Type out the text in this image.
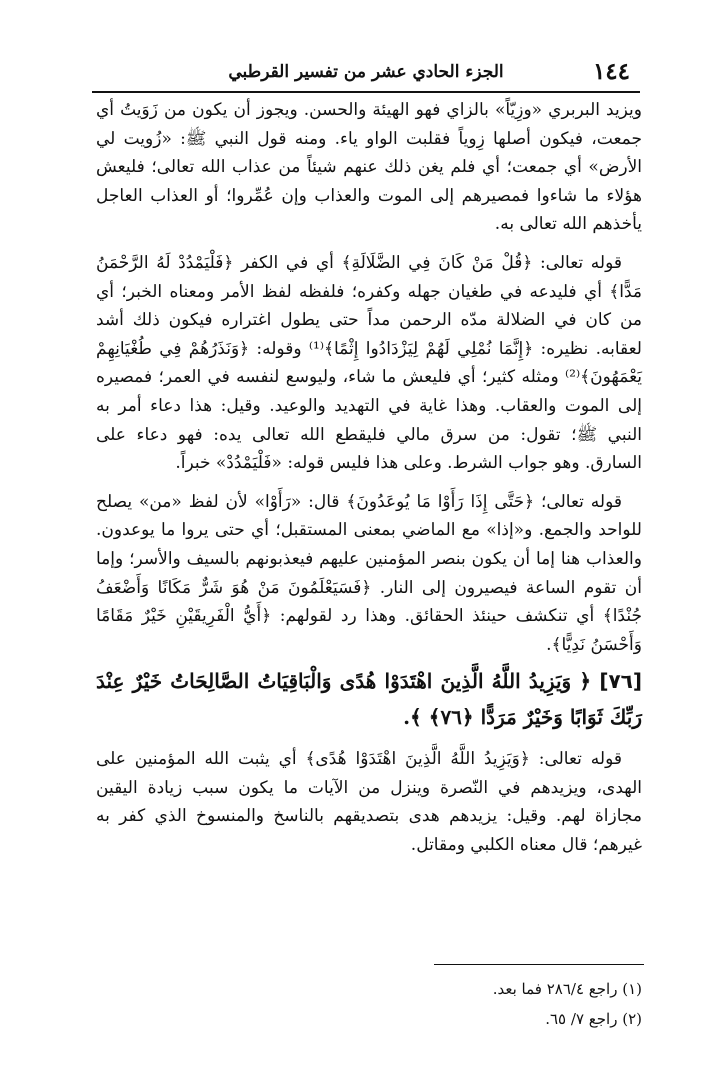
١٤٤
الجزء الحادي عشر من تفسير القرطبي

ويزيد البربري «وزِيّاً» بالزاي فهو الهيئة والحسن. ويجوز أن يكون من زَوَيتُ أي جمعت، فيكون أصلها زِوياً فقلبت الواو ياء. ومنه قول النبي ﷺ: «زُويت لي الأرض» أي جمعت؛ أي فلم يغن ذلك عنهم شيئاً من عذاب الله تعالى؛ فليعش هؤلاء ما شاءوا فمصيرهم إلى الموت والعذاب وإن عُمِّروا؛ أو العذاب العاجل يأخذهم الله تعالى به.

قوله تعالى: ﴿قُلْ مَنْ كَانَ فِي الضَّلَالَةِ﴾ أي في الكفر ﴿فَلْيَمْدُدْ لَهُ الرَّحْمَنُ مَدًّا﴾ أي فليدعه في طغيان جهله وكفره؛ فلفظه لفظ الأمر ومعناه الخبر؛ أي من كان في الضلالة مدّه الرحمن مداً حتى يطول اغتراره فيكون ذلك أشد لعقابه. نظيره: ﴿إِنَّمَا نُمْلِي لَهُمْ لِيَزْدَادُوا إِثْمًا﴾⁽¹⁾ وقوله: ﴿وَنَذَرُهُمْ فِي طُغْيَانِهِمْ يَعْمَهُونَ﴾⁽²⁾ ومثله كثير؛ أي فليعش ما شاء، وليوسع لنفسه في العمر؛ فمصيره إلى الموت والعقاب. وهذا غاية في التهديد والوعيد. وقيل: هذا دعاء أمر به النبي ﷺ؛ تقول: من سرق مالي فليقطع الله تعالى يده: فهو دعاء على السارق. وهو جواب الشرط. وعلى هذا فليس قوله: «فَلْيَمْدُدْ» خبراً.

قوله تعالى؛ ﴿حَتَّى إِذَا رَأَوْا مَا يُوعَدُونَ﴾ قال: «رَأَوْا» لأن لفظ «من» يصلح للواحد والجمع. و«إذا» مع الماضي بمعنى المستقبل؛ أي حتى يروا ما يوعدون. والعذاب هنا إما أن يكون بنصر المؤمنين عليهم فيعذبونهم بالسيف والأسر؛ وإما أن تقوم الساعة فيصيرون إلى النار. ﴿فَسَيَعْلَمُونَ مَنْ هُوَ شَرٌّ مَكَانًا وَأَضْعَفُ جُنْدًا﴾ أي تنكشف حينئذ الحقائق. وهذا رد لقولهم: ﴿أَيُّ الْفَرِيقَيْنِ خَيْرٌ مَقَامًا وَأَحْسَنُ نَدِيًّا﴾.

[٧٦] ﴿ وَيَزِيدُ اللَّهُ الَّذِينَ اهْتَدَوْا هُدًى وَالْبَاقِيَاتُ الصَّالِحَاتُ خَيْرٌ عِنْدَ رَبِّكَ ثَوَابًا وَخَيْرٌ مَرَدًّا ﴿٧٦﴾ ﴾.

قوله تعالى: ﴿وَيَزِيدُ اللَّهُ الَّذِينَ اهْتَدَوْا هُدًى﴾ أي يثبت الله المؤمنين على الهدى، ويزيدهم في النّصرة وينزل من الآيات ما يكون سبب زيادة اليقين مجازاة لهم. وقيل: يزيدهم هدى بتصديقهم بالناسخ والمنسوخ الذي كفر به غيرهم؛ قال معناه الكلبي ومقاتل.

(١) راجع ٢٨٦/٤ فما بعد.

(٢) راجع ٧/ ٦٥.
